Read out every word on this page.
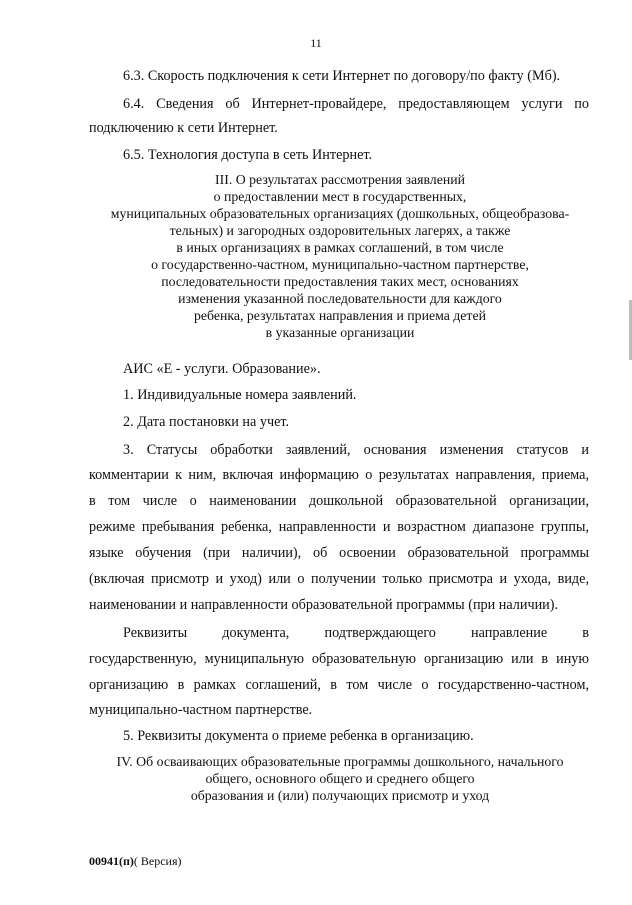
11
6.3. Скорость подключения к сети Интернет по договору/по факту (Мб).
6.4. Сведения об Интернет-провайдере, предоставляющем услуги по
подключению к сети Интернет.
6.5. Технология доступа в сеть Интернет.
III. О результатах рассмотрения заявлений
о предоставлении мест в государственных,
муниципальных образовательных организациях (дошкольных, общеобразова-
тельных) и загородных оздоровительных лагерях, а также
в иных организациях в рамках соглашений, в том числе
о государственно-частном, муниципально-частном партнерстве,
последовательности предоставления таких мест, основаниях
изменения указанной последовательности для каждого
ребенка, результатах направления и приема детей
в указанные организации
АИС «Е - услуги. Образование».
1. Индивидуальные номера заявлений.
2. Дата постановки на учет.
3. Статусы обработки заявлений, основания изменения статусов и
комментарии к ним, включая информацию о результатах направления, приема,
в том числе о наименовании дошкольной образовательной организации,
режиме пребывания ребенка, направленности и возрастном диапазоне группы,
языке обучения (при наличии), об освоении образовательной программы
(включая присмотр и уход) или о получении только присмотра и ухода, виде,
наименовании и направленности образовательной программы (при наличии).
Реквизиты документа, подтверждающего направление в
государственную, муниципальную образовательную организацию или в иную
организацию в рамках соглашений, в том числе о государственно-частном,
муниципально-частном партнерстве.
5. Реквизиты документа о приеме ребенка в организацию.
IV. Об осваивающих образовательные программы дошкольного, начального
общего, основного общего и среднего общего
образования и (или) получающих присмотр и уход
00941(п)( Версия)
